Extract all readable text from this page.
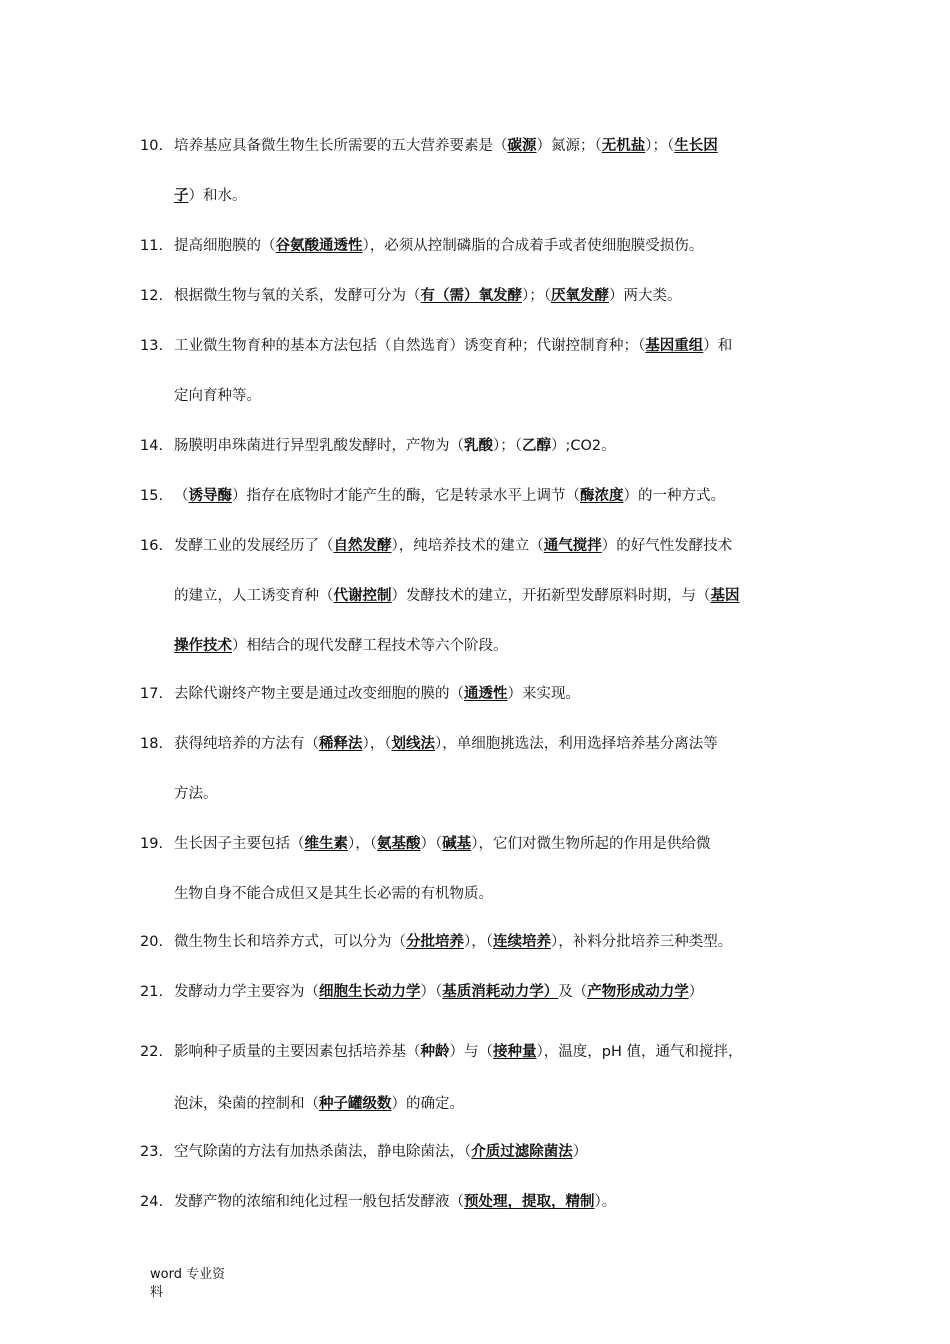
word 专业资
料
10. 培养基应具备微生物生长所需要的五大营养要素是（碳源）氮源；（无机盐）；（生长因
子）和水。
11. 提高细胞膜的（谷氨酸通透性），必须从控制磷脂的合成着手或者使细胞膜受损伤。
12. 根据微生物与氧的关系，发酵可分为（有（需）氧发酵）；（厌氧发酵）两大类。
13. 工业微生物育种的基本方法包括（自然选育）诱变育种；代谢控制育种；（基因重组）和
定向育种等。
14. 肠膜明串珠菌进行异型乳酸发酵时，产物为（乳酸）；（乙醇）;CO2。
15. （诱导酶）指存在底物时才能产生的酶，它是转录水平上调节（酶浓度）的一种方式。
16. 发酵工业的发展经历了（自然发酵），纯培养技术的建立（通气搅拌）的好气性发酵技术
的建立，人工诱变育种（代谢控制）发酵技术的建立，开拓新型发酵原料时期，与（基因
操作技术）相结合的现代发酵工程技术等六个阶段。
17. 去除代谢终产物主要是通过改变细胞的膜的（通透性）来实现。
18. 获得纯培养的方法有（稀释法），（划线法），单细胞挑选法，利用选择培养基分离法等
方法。
19. 生长因子主要包括（维生素），（氨基酸）（碱基），它们对微生物所起的作用是供给微
生物自身不能合成但又是其生长必需的有机物质。
20. 微生物生长和培养方式，可以分为（分批培养），（连续培养），补料分批培养三种类型。
21. 发酵动力学主要容为（细胞生长动力学）（基质消耗动力学）及（产物形成动力学）
22. 影响种子质量的主要因素包括培养基（种龄）与（接种量），温度，pH 值，通气和搅拌，
泡沫，染菌的控制和（种子罐级数）的确定。
23. 空气除菌的方法有加热杀菌法，静电除菌法，（介质过滤除菌法）
24. 发酵产物的浓缩和纯化过程一般包括发酵液（预处理，提取，精制）。
